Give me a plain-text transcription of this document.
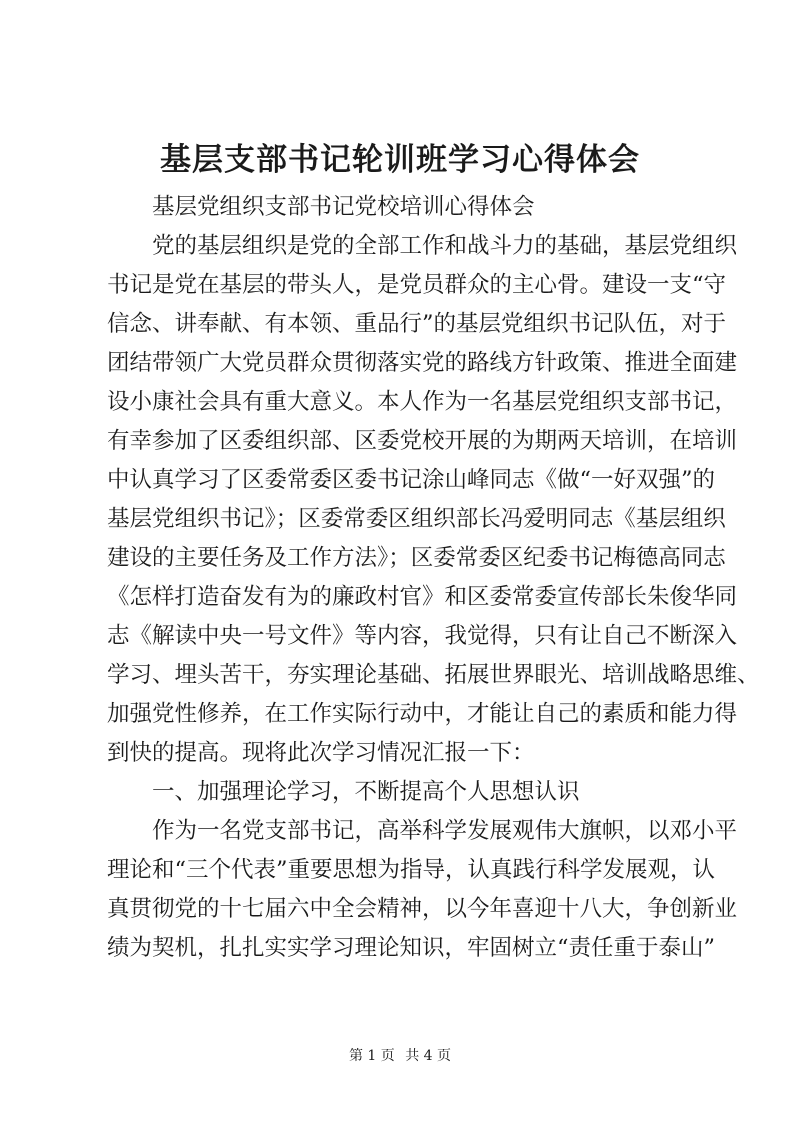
基层支部书记轮训班学习心得体会
基层党组织支部书记党校培训心得体会
党的基层组织是党的全部工作和战斗力的基础，基层党组织
书记是党在基层的带头人，是党员群众的主心骨。建设一支“守
信念、讲奉献、有本领、重品行”的基层党组织书记队伍，对于
团结带领广大党员群众贯彻落实党的路线方针政策、推进全面建
设小康社会具有重大意义。本人作为一名基层党组织支部书记，
有幸参加了区委组织部、区委党校开展的为期两天培训，在培训
中认真学习了区委常委区委书记涂山峰同志《做“一好双强”的
基层党组织书记》；区委常委区组织部长冯爱明同志《基层组织
建设的主要任务及工作方法》；区委常委区纪委书记梅德高同志
《怎样打造奋发有为的廉政村官》和区委常委宣传部长朱俊华同
志《解读中央一号文件》等内容，我觉得，只有让自己不断深入
学习、埋头苦干，夯实理论基础、拓展世界眼光、培训战略思维、
加强党性修养，在工作实际行动中，才能让自己的素质和能力得
到快的提高。现将此次学习情况汇报一下：
一、加强理论学习，不断提高个人思想认识
作为一名党支部书记，高举科学发展观伟大旗帜，以邓小平
理论和“三个代表”重要思想为指导，认真践行科学发展观，认
真贯彻党的十七届六中全会精神，以今年喜迎十八大，争创新业
绩为契机，扎扎实实学习理论知识，牢固树立“责任重于泰山”
第 1 页 共 4 页
